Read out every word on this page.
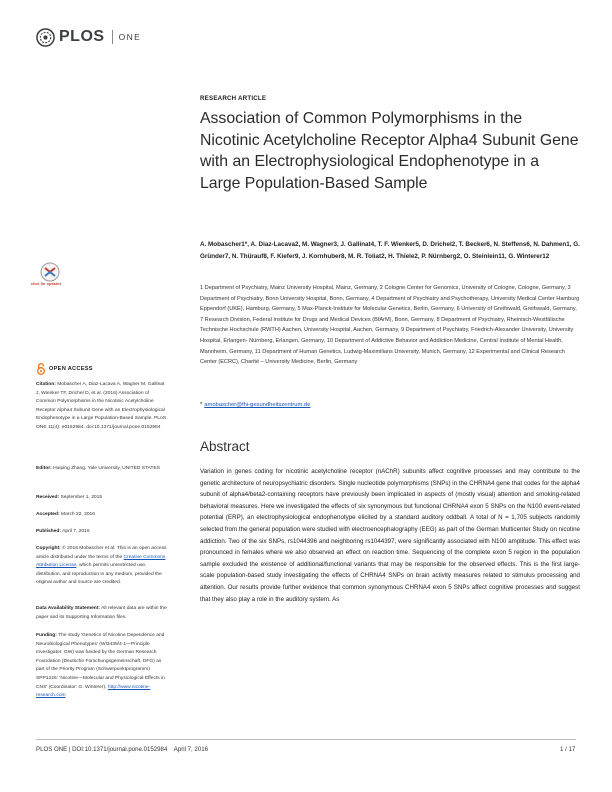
PLOS ONE
RESEARCH ARTICLE
Association of Common Polymorphisms in the Nicotinic Acetylcholine Receptor Alpha4 Subunit Gene with an Electrophysiological Endophenotype in a Large Population-Based Sample
A. Mobascher1*, A. Diaz-Lacava2, M. Wagner3, J. Gallinat4, T. F. Wienker5, D. Drichel2, T. Becker6, N. Steffens6, N. Dahmen1, G. Gründer7, N. Thürauf8, F. Kiefer9, J. Kornhuber8, M. R. Toliat2, H. Thiele2, P. Nürnberg2, O. Steinlein11, G. Winterer12
1 Department of Psychiatry, Mainz University Hospital, Mainz, Germany, 2 Cologne Center for Genomics, University of Cologne, Cologne, Germany, 3 Department of Psychiatry, Bonn University Hospital, Bonn, Germany, 4 Department of Psychiatry and Psychotherapy, University Medical Center Hamburg Eppendorf (UKE), Hamburg, Germany, 5 Max-Planck-Institute for Molecular Genetics, Berlin, Germany, 6 University of Greifswald, Greifswald, Germany, 7 Research Division, Federal Institute for Drugs and Medical Devices (BfArM), Bonn, Germany, 8 Department of Psychiatry, Rheinisch-Westfälische Technische Hochschule (RWTH) Aachen, University Hospital, Aachen, Germany, 9 Department of Psychiatry, Friedrich-Alexander University, University Hospital, Erlangen- Nürnberg, Erlangen, Germany, 10 Department of Addictive Behavior and Addiction Medicine, Central Institute of Mental Health, Mannheim, Germany, 11 Department of Human Genetics, Ludwig-Maximilians University, Munich, Germany, 12 Experimental and Clinical Research Center (ECRC), Charité – University Medicine, Berlin, Germany
* amobascher@fhi-gesundheitszentrum.de
Abstract
Variation in genes coding for nicotinic acetylcholine receptor (nAChR) subunits affect cognitive processes and may contribute to the genetic architecture of neuropsychiatric disorders. Single nucleotide polymorphisms (SNPs) in the CHRNA4 gene that codes for the alpha4 subunit of alpha4/beta2-containing receptors have previously been implicated in aspects of (mostly visual) attention and smoking-related behavioral measures. Here we investigated the effects of six synonymous but functional CHRNA4 exon 5 SNPs on the N100 event-related potential (ERP), an electrophysiological endophenotype elicited by a standard auditory oddball. A total of N = 1,705 subjects randomly selected from the general population were studied with electroencephalography (EEG) as part of the German Multicenter Study on nicotine addiction. Two of the six SNPs, rs1044396 and neighboring rs1044397, were significantly associated with N100 amplitude. This effect was pronounced in females where we also observed an effect on reaction time. Sequencing of the complete exon 5 region in the population sample excluded the existence of additional/functional variants that may be responsible for the observed effects. This is the first large-scale population-based study investigating the effects of CHRNA4 SNPs on brain activity measures related to stimulus processing and attention. Our results provide further evidence that common synonymous CHRNA4 exon 5 SNPs affect cognitive processes and suggest that they also play a role in the auditory system. As
click for updates
OPEN ACCESS
Citation: Mobascher A, Diaz-Lacava A, Wagner M, Gallinat J, Wienker TF, Drichel D, et al. (2016) Association of Common Polymorphisms in the Nicotinic Acetylcholine Receptor Alpha4 Subunit Gene with an Electrophysiological Endophenotype in a Large Population-Based Sample. PLoS ONE 11(4): e0152984. doi:10.1371/journal.pone.0152984
Editor: Huiping Zhang, Yale University, UNITED STATES
Received: September 1, 2015
Accepted: March 22, 2016
Published: April 7, 2016
Copyright: © 2016 Mobascher et al. This is an open access article distributed under the terms of the Creative Commons Attribution License, which permits unrestricted use, distribution, and reproduction in any medium, provided the original author and source are credited.
Data Availability Statement: All relevant data are within the paper and its Supporting Information files.
Funding: The study 'Genetics of Nicotine Dependence and Neurobiological Phenotypes' (WI3439/4-1—Principle Investigator: GW) was funded by the German Research Foundation (Deutsche Forschungsgemeinschaft, DFG) as part of the Priority Program (Schwerpunktprogramm) SPP1226: 'Nicotine—Molecular and Physiological Effects in CNS' (Coordinator: G. Winterer). http://www.nicotine-research.com
PLOS ONE | DOI:10.1371/journal.pone.0152984    April 7, 2016	1 / 17
